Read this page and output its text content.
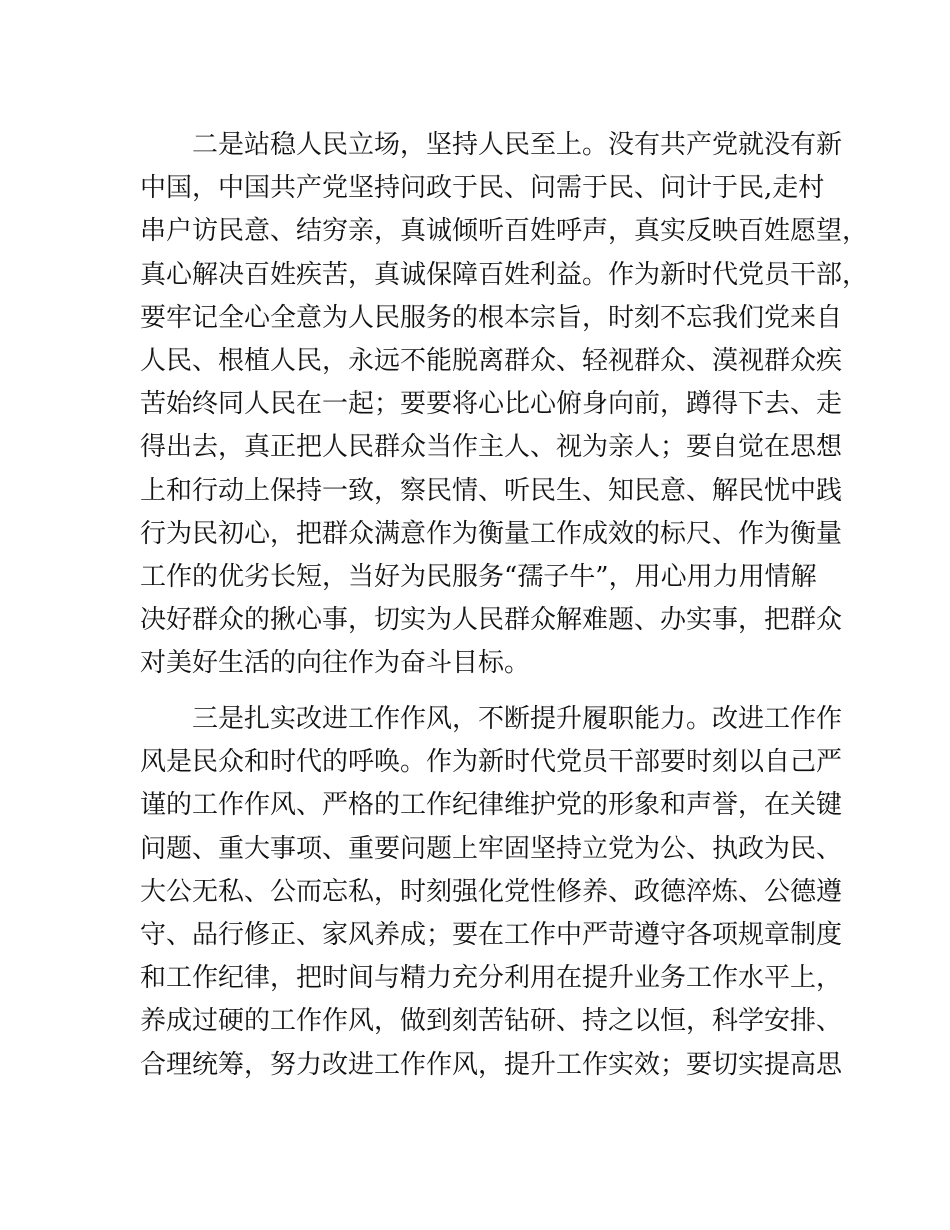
二是站稳人民立场，坚持人民至上。没有共产党就没有新
中国，中国共产党坚持问政于民、问需于民、问计于民,走村
串户访民意、结穷亲，真诚倾听百姓呼声，真实反映百姓愿望，
真心解决百姓疾苦，真诚保障百姓利益。作为新时代党员干部，
要牢记全心全意为人民服务的根本宗旨，时刻不忘我们党来自
人民、根植人民，永远不能脱离群众、轻视群众、漠视群众疾
苦始终同人民在一起；要要将心比心俯身向前，蹲得下去、走
得出去，真正把人民群众当作主人、视为亲人；要自觉在思想
上和行动上保持一致，察民情、听民生、知民意、解民忧中践
行为民初心，把群众满意作为衡量工作成效的标尺、作为衡量
工作的优劣长短，当好为民服务“孺子牛”，用心用力用情解
决好群众的揪心事，切实为人民群众解难题、办实事，把群众
对美好生活的向往作为奋斗目标。
三是扎实改进工作作风，不断提升履职能力。改进工作作
风是民众和时代的呼唤。作为新时代党员干部要时刻以自己严
谨的工作作风、严格的工作纪律维护党的形象和声誉，在关键
问题、重大事项、重要问题上牢固坚持立党为公、执政为民、
大公无私、公而忘私，时刻强化党性修养、政德淬炼、公德遵
守、品行修正、家风养成；要在工作中严苛遵守各项规章制度
和工作纪律，把时间与精力充分利用在提升业务工作水平上，
养成过硬的工作作风，做到刻苦钻研、持之以恒，科学安排、
合理统筹，努力改进工作作风，提升工作实效；要切实提高思
